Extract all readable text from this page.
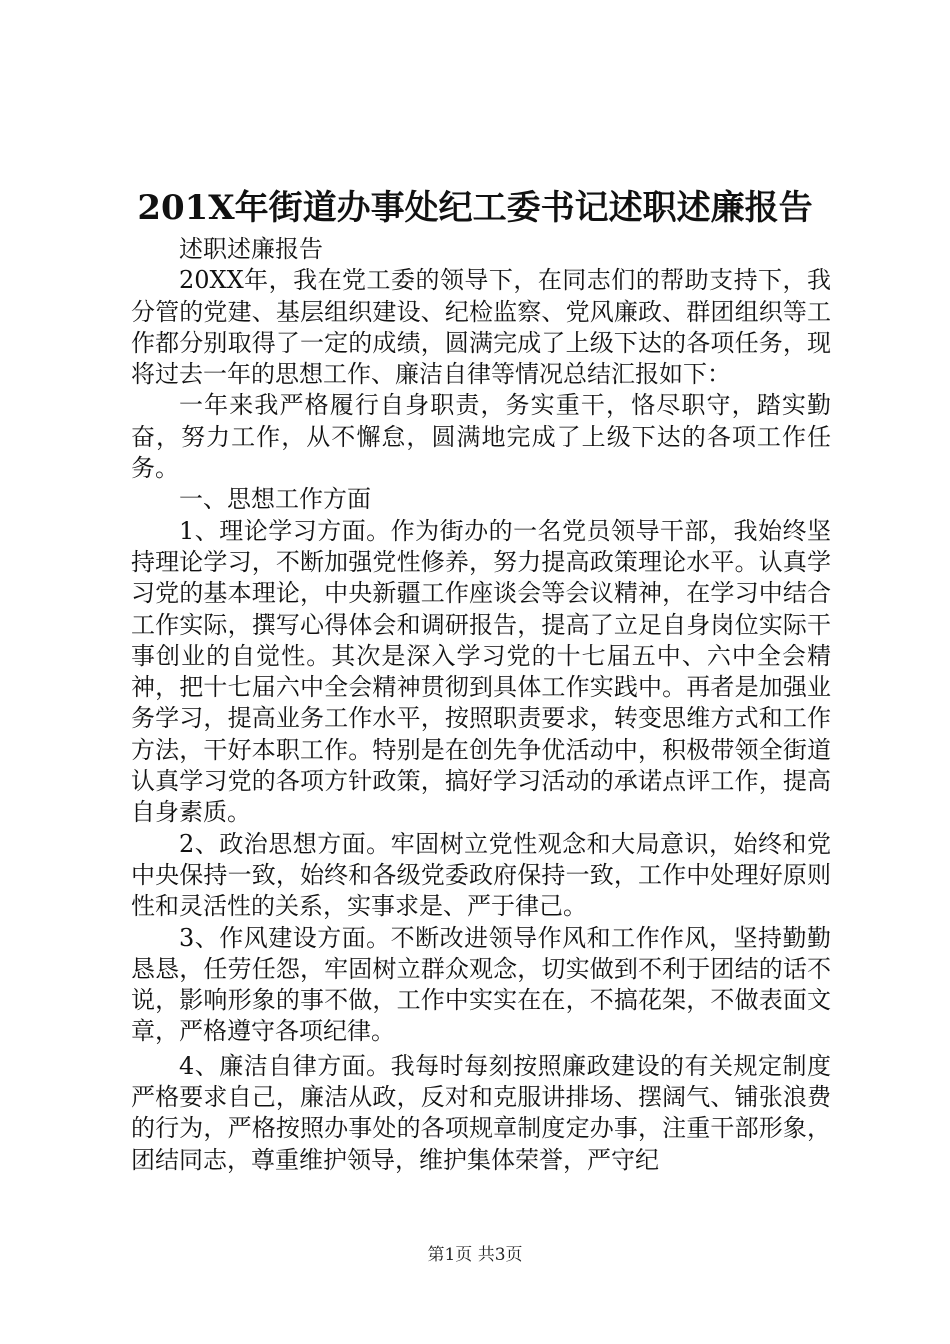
201X年街道办事处纪工委书记述职述廉报告

述职述廉报告

20XX年，我在党工委的领导下，在同志们的帮助支持下，我分管的党建、基层组织建设、纪检监察、党风廉政、群团组织等工作都分别取得了一定的成绩，圆满完成了上级下达的各项任务，现将过去一年的思想工作、廉洁自律等情况总结汇报如下：

一年来我严格履行自身职责，务实重干，恪尽职守，踏实勤奋，努力工作，从不懈怠，圆满地完成了上级下达的各项工作任务。

一、思想工作方面

1、理论学习方面。作为街办的一名党员领导干部，我始终坚持理论学习，不断加强党性修养，努力提高政策理论水平。认真学习党的基本理论，中央新疆工作座谈会等会议精神，在学习中结合工作实际，撰写心得体会和调研报告，提高了立足自身岗位实际干事创业的自觉性。其次是深入学习党的十七届五中、六中全会精神，把十七届六中全会精神贯彻到具体工作实践中。再者是加强业务学习，提高业务工作水平，按照职责要求，转变思维方式和工作方法，干好本职工作。特别是在创先争优活动中，积极带领全街道认真学习党的各项方针政策，搞好学习活动的承诺点评工作，提高自身素质。

2、政治思想方面。牢固树立党性观念和大局意识，始终和党中央保持一致，始终和各级党委政府保持一致，工作中处理好原则性和灵活性的关系，实事求是、严于律己。

3、作风建设方面。不断改进领导作风和工作作风，坚持勤勤恳恳，任劳任怨，牢固树立群众观念，切实做到不利于团结的话不说，影响形象的事不做，工作中实实在在，不搞花架，不做表面文章，严格遵守各项纪律。

4、廉洁自律方面。我每时每刻按照廉政建设的有关规定制度严格要求自己，廉洁从政，反对和克服讲排场、摆阔气、铺张浪费的行为，严格按照办事处的各项规章制度定办事，注重干部形象，团结同志，尊重维护领导，维护集体荣誉，严守纪

第1页 共3页
